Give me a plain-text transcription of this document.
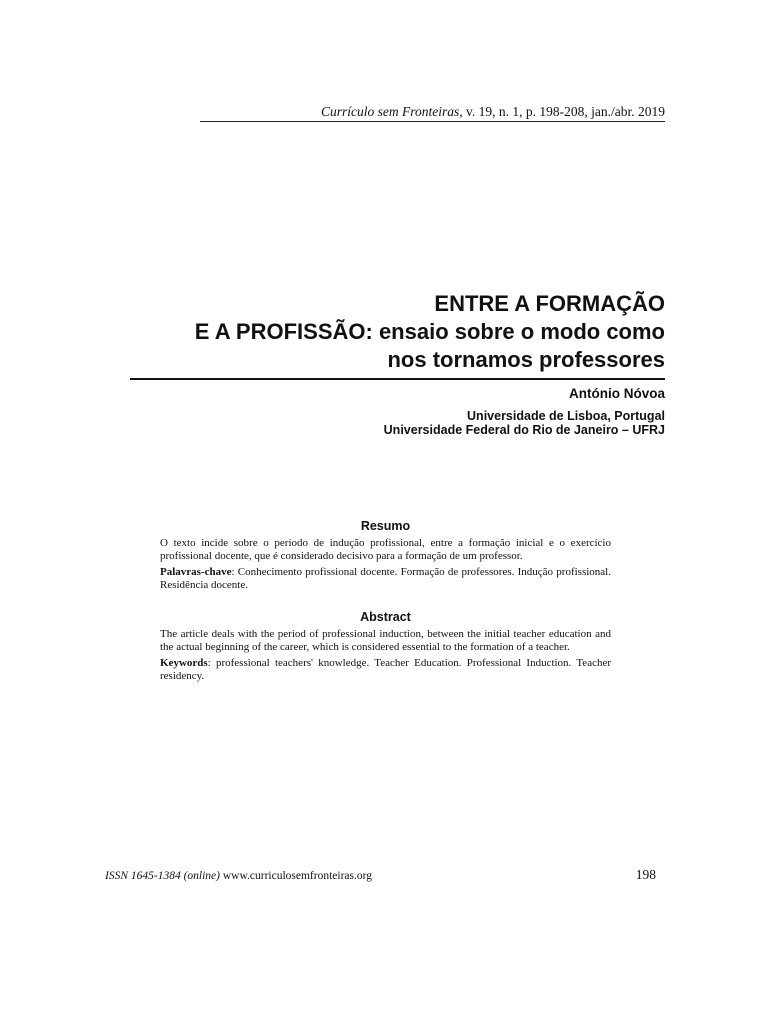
Currículo sem Fronteiras, v. 19, n. 1, p. 198-208, jan./abr. 2019
ENTRE A FORMAÇÃO
E A PROFISSÃO: ensaio sobre o modo como
nos tornamos professores
António Nóvoa
Universidade de Lisboa, Portugal
Universidade Federal do Rio de Janeiro – UFRJ
Resumo
O texto incide sobre o período de indução profissional, entre a formação inicial e o exercício profissional docente, que é considerado decisivo para a formação de um professor.
Palavras-chave: Conhecimento profissional docente. Formação de professores. Indução profissional. Residência docente.
Abstract
The article deals with the period of professional induction, between the initial teacher education and the actual beginning of the career, which is considered essential to the formation of a teacher.
Keywords: professional teachers' knowledge. Teacher Education. Professional Induction. Teacher residency.
ISSN 1645-1384 (online) www.curriculosemfronteiras.org	198
